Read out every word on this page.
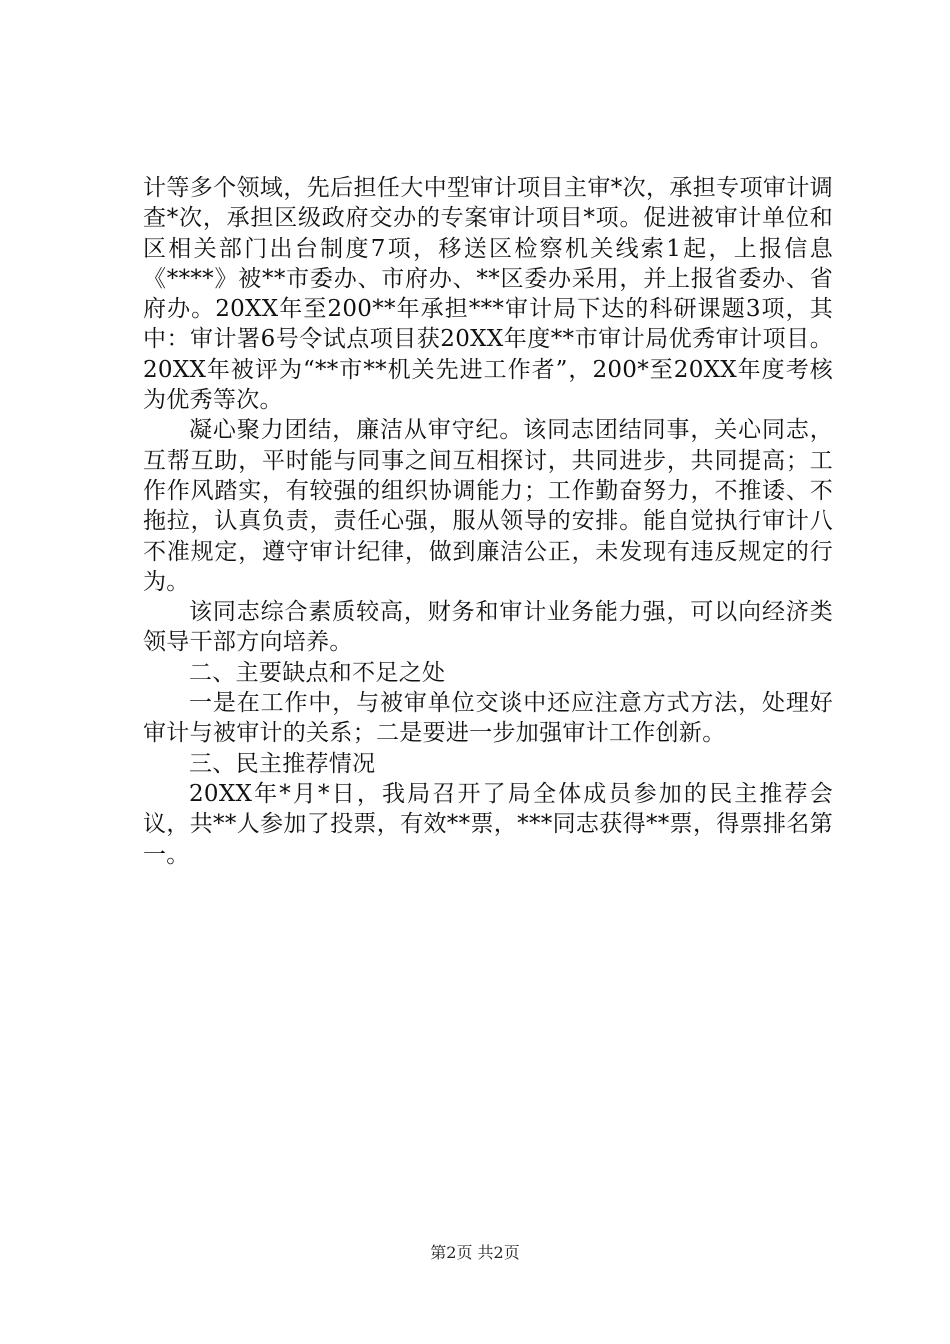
计等多个领域，先后担任大中型审计项目主审*次，承担专项审计调查*次，承担区级政府交办的专案审计项目*项。促进被审计单位和区相关部门出台制度7项，移送区检察机关线索1起，上报信息《****》被**市委办、市府办、**区委办采用，并上报省委办、省府办。20XX年至200**年承担***审计局下达的科研课题3项，其中：审计署6号令试点项目获20XX年度**市审计局优秀审计项目。20XX年被评为“**市**机关先进工作者”，200*至20XX年度考核为优秀等次。

凝心聚力团结，廉洁从审守纪。该同志团结同事，关心同志，互帮互助，平时能与同事之间互相探讨，共同进步，共同提高；工作作风踏实，有较强的组织协调能力；工作勤奋努力，不推诿、不拖拉，认真负责，责任心强，服从领导的安排。能自觉执行审计八不准规定，遵守审计纪律，做到廉洁公正，未发现有违反规定的行为。

该同志综合素质较高，财务和审计业务能力强，可以向经济类领导干部方向培养。

二、主要缺点和不足之处

一是在工作中，与被审单位交谈中还应注意方式方法，处理好审计与被审计的关系；二是要进一步加强审计工作创新。

三、民主推荐情况

20XX年*月*日，我局召开了局全体成员参加的民主推荐会议，共**人参加了投票，有效**票，***同志获得**票，得票排名第一。

第2页 共2页
